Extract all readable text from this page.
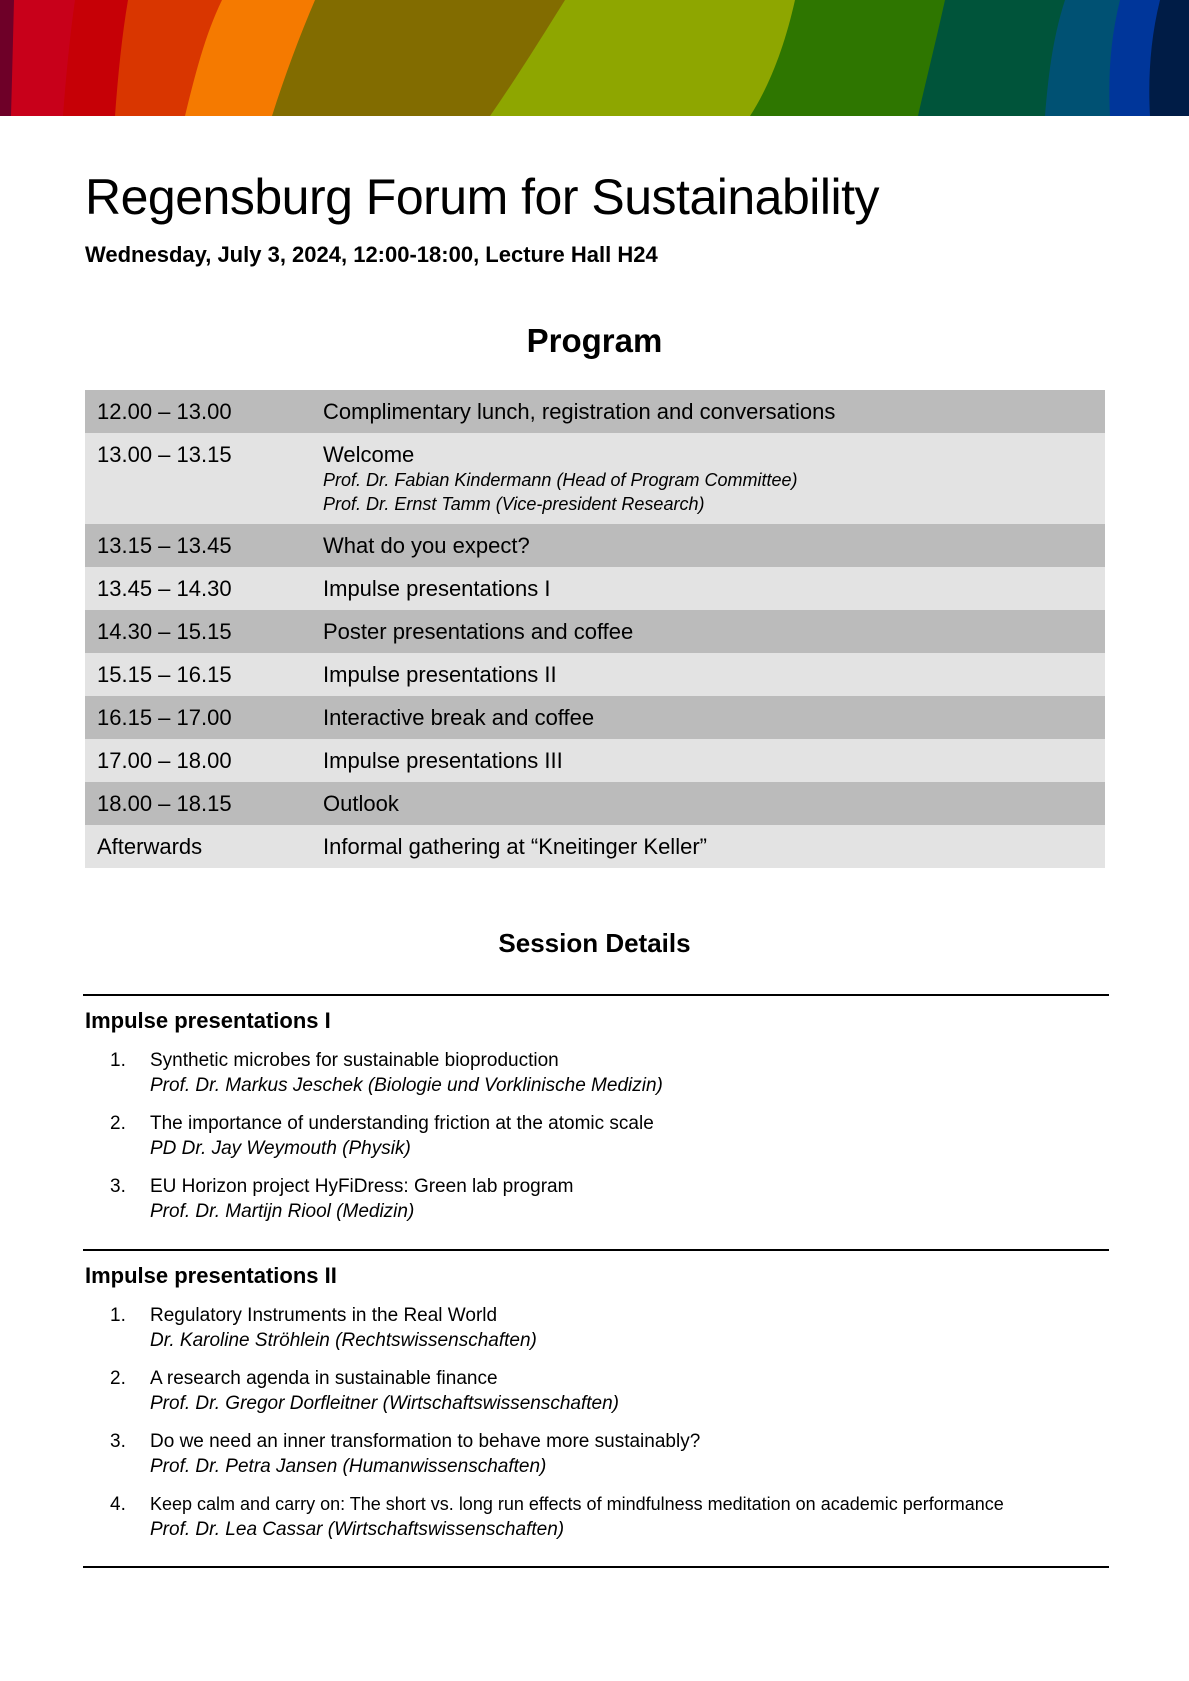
Regensburg Forum for Sustainability

Wednesday, July 3, 2024, 12:00-18:00, Lecture Hall H24

Program
12.00 – 13.00	Complimentary lunch, registration and conversations
13.00 – 13.15	Welcome
Prof. Dr. Fabian Kindermann (Head of Program Committee)
Prof. Dr. Ernst Tamm (Vice-president Research)
13.15 – 13.45	What do you expect?
13.45 – 14.30	Impulse presentations I
14.30 – 15.15	Poster presentations and coffee
15.15 – 16.15	Impulse presentations II
16.15 – 17.00	Interactive break and coffee
17.00 – 18.00	Impulse presentations III
18.00 – 18.15	Outlook
Afterwards	Informal gathering at “Kneitinger Keller”
Session Details
Impulse presentations I
1.	Synthetic microbes for sustainable bioproduction
Prof. Dr. Markus Jeschek (Biologie und Vorklinische Medizin)
2.	The importance of understanding friction at the atomic scale
PD Dr. Jay Weymouth (Physik)
3.	EU Horizon project HyFiDress: Green lab program
Prof. Dr. Martijn Riool (Medizin)
Impulse presentations II
1.	Regulatory Instruments in the Real World
Dr. Karoline Ströhlein (Rechtswissenschaften)
2.	A research agenda in sustainable finance
Prof. Dr. Gregor Dorfleitner (Wirtschaftswissenschaften)
3.	Do we need an inner transformation to behave more sustainably?
Prof. Dr. Petra Jansen (Humanwissenschaften)
4.	Keep calm and carry on: The short vs. long run effects of mindfulness meditation on academic performance
Prof. Dr. Lea Cassar (Wirtschaftswissenschaften)
